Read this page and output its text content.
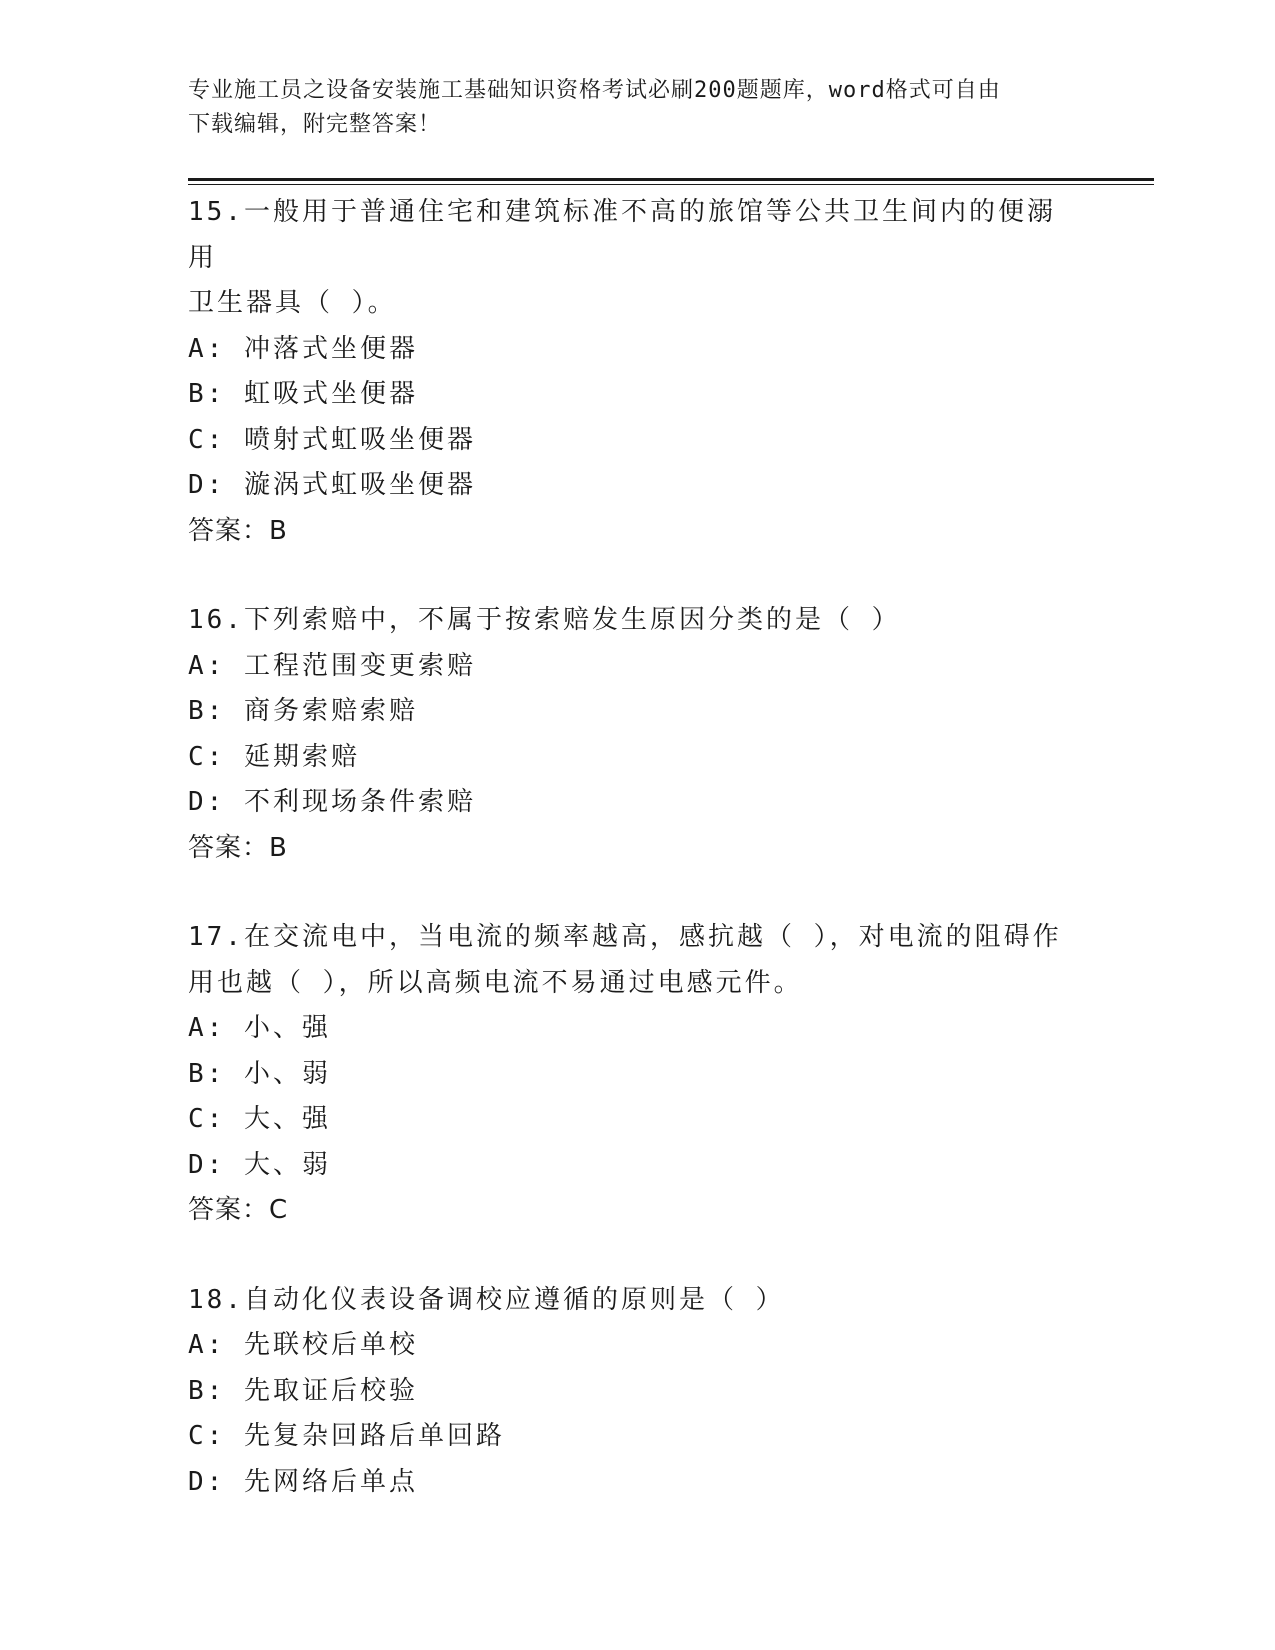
专业施工员之设备安装施工基础知识资格考试必刷200题题库，word格式可自由
下载编辑，附完整答案！
15.一般用于普通住宅和建筑标准不高的旅馆等公共卫生间内的便溺用
卫生器具（ ）。
A: 冲落式坐便器
B: 虹吸式坐便器
C: 喷射式虹吸坐便器
D: 漩涡式虹吸坐便器
答案：B
16.下列索赔中，不属于按索赔发生原因分类的是（ ）
A: 工程范围变更索赔
B: 商务索赔索赔
C: 延期索赔
D: 不利现场条件索赔
答案：B
17.在交流电中，当电流的频率越高，感抗越（ ），对电流的阻碍作
用也越（ ），所以高频电流不易通过电感元件。
A: 小、强
B: 小、弱
C: 大、强
D: 大、弱
答案：C
18.自动化仪表设备调校应遵循的原则是（ ）
A: 先联校后单校
B: 先取证后校验
C: 先复杂回路后单回路
D: 先网络后单点
